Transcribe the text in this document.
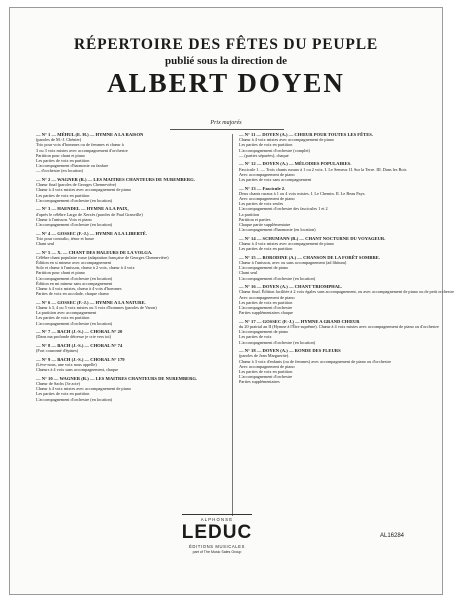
RÉPERTOIRE DES FÊTES DU PEUPLE
publié sous la direction de
ALBERT DOYEN
Prix majorés
— N° 1 — MÉHUL (E. H.) — HYMNE A LA RAISON
(paroles de M.-J. Chénier)
Trio pour voix d'hommes ou de femmes et chœur à
3 ou 3 voix mixtes avec accompagnement d'orchestre
Partition pour chant et piano
Les parties de voix en partition
L'accompagnement d'harmonie ou fanfare
— d'orchestre (en location)
— N° 2 — WAGNER (R.) — LES MAITRES CHANTEURS DE NUREMBERG.
Chœur final (paroles de Georges Chennevière)
Chœur à 4 voix mixtes avec accompagnement de piano
Les parties de voix en partition
L'accompagnement d'orchestre (en location)
— N° 3 — HAENDEL — HYMNE A LA PAIX,
d'après le célèbre Largo de Xerxès (paroles de Paul Granville)
Chœur à l'unisson. Voix et piano
L'accompagnement d'orchestre (en location)
— N° 4 — GOSSEC (F.-J.) — HYMNE A LA LIBERTÉ.
Trio pour contralto, ténor et basse
Chant seul
— N° 5 — X. — CHANT DES HALEURS DE LA VOLGA.
Célèbre chant populaire russe (adaptation française de Georges Chennevière)
Édition en si mineur avec accompagnement
Solo et chœur à l'unisson, chœur à 2 voix, chœur à 4 voix
Partition pour chant et piano
L'accompagnement d'orchestre (en location)
Édition en mi mineur sans accompagnement
Chœur à 4 voix mixtes, chœur à 4 voix d'hommes
Parties de voix en accolade, chaque chœur
— N° 6 — GOSSEC (F.-J.) — HYMNE A LA NATURE.
Chœur à 3, 4 ou 5 voix mixtes ou 3 voix d'hommes (paroles de Varon)
La partition avec accompagnement
Les parties de voix en partition
L'accompagnement d'orchestre (en location)
— N° 7 — BACH (J.-S.) — CHORAL N° 20
(Dans ma profonde détresse je crie vers toi)
— N° 8 — BACH (J.-S.) — CHORAL N° 74
(Fort couronné d'épines)
— N° 9 — BACH (J.-S.) — CHORAL N° 179
(Lève-nous, une voix nous appelle)
Chœurs à 4 voix sans accompagnement, chaque
— N° 10 — WAGNER (R.) — LES MAITRES CHANTEURS DE NUREMBERG.
Chœur de Sachs (3e acte)
Chœur à 4 voix mixtes avec accompagnement de piano
Les parties de voix en partition
L'accompagnement d'orchestre (en location)
— N° 11 — DOYEN (A.) — CHŒUR POUR TOUTES LES FÊTES.
Chœur à 4 voix mixtes avec accompagnement de piano
Les parties de voix en partition
L'accompagnement d'orchestre (complet)
— (parties séparées), chaque
— N° 12 — DOYEN (A.) — MÉLODIES POPULAIRES.
Fascicule 1. — Trois chants ruraux à 1 ou 2 voix. I. Le Semeur. II. Sur la Terre. III. Dans les Bois
Avec accompagnement de piano
Les parties de voix sans accompagnement
— N° 13 — Fascicule 2.
Deux chants ruraux à 1 ou 4 voix mixtes. I. Le Chemin. II. Le Beau Pays.
Avec accompagnement de piano
Les parties de voix seules
L'accompagnement d'orchestre des fascicules 1 et 2
La partition
Partition et parties
Chaque partie supplémentaire
L'accompagnement d'harmonie (en location)
— N° 14 — SCHUMANN (R.) — CHANT NOCTURNE DU VOYAGEUR.
Chœur à 4 voix mixtes avec accompagnement de piano
Les parties de voix en partition
— N° 15 — BORODINE (A.) — CHANSON DE LA FORÊT SOMBRE.
Chœur à l'unisson, avec ou sans accompagnement (ad libitum)
L'accompagnement de piano
Chant seul
L'accompagnement d'orchestre (en location)
— N° 16 — DOYEN (A.) — CHANT TRIOMPHAL.
Chœur final. Édition facilitée à 2 voix égales sans accompagnement, ou avec accompagnement de piano ou de petit orchestre
Avec accompagnement de piano
Les parties de voix en partition
L'accompagnement d'orchestre
Parties supplémentaires chaque
— N° 17 — GOSSEC (F.-J.) — HYMNE A GRAND CHŒUR
du 20 prairial an II (Hymne à l'Être suprême). Chœur à 4 voix mixtes avec accompagnement de piano ou d'orchestre
L'accompagnement de piano
Les parties de voix
L'accompagnement d'orchestre (en location)
— N° 18 — DOYEN (A.) — RONDE DES FLEURS
(paroles de Jean Marguerite).
Chœur à 3 voix d'enfants (ou de femmes) avec accompagnement de piano ou d'orchestre
Avec accompagnement de piano
Les parties de voix en partition
L'accompagnement d'orchestre
Parties supplémentaires
ALPHONSE
LEDUC
ÉDITIONS MUSICALES
part of The Music Sales Group
AL16284
